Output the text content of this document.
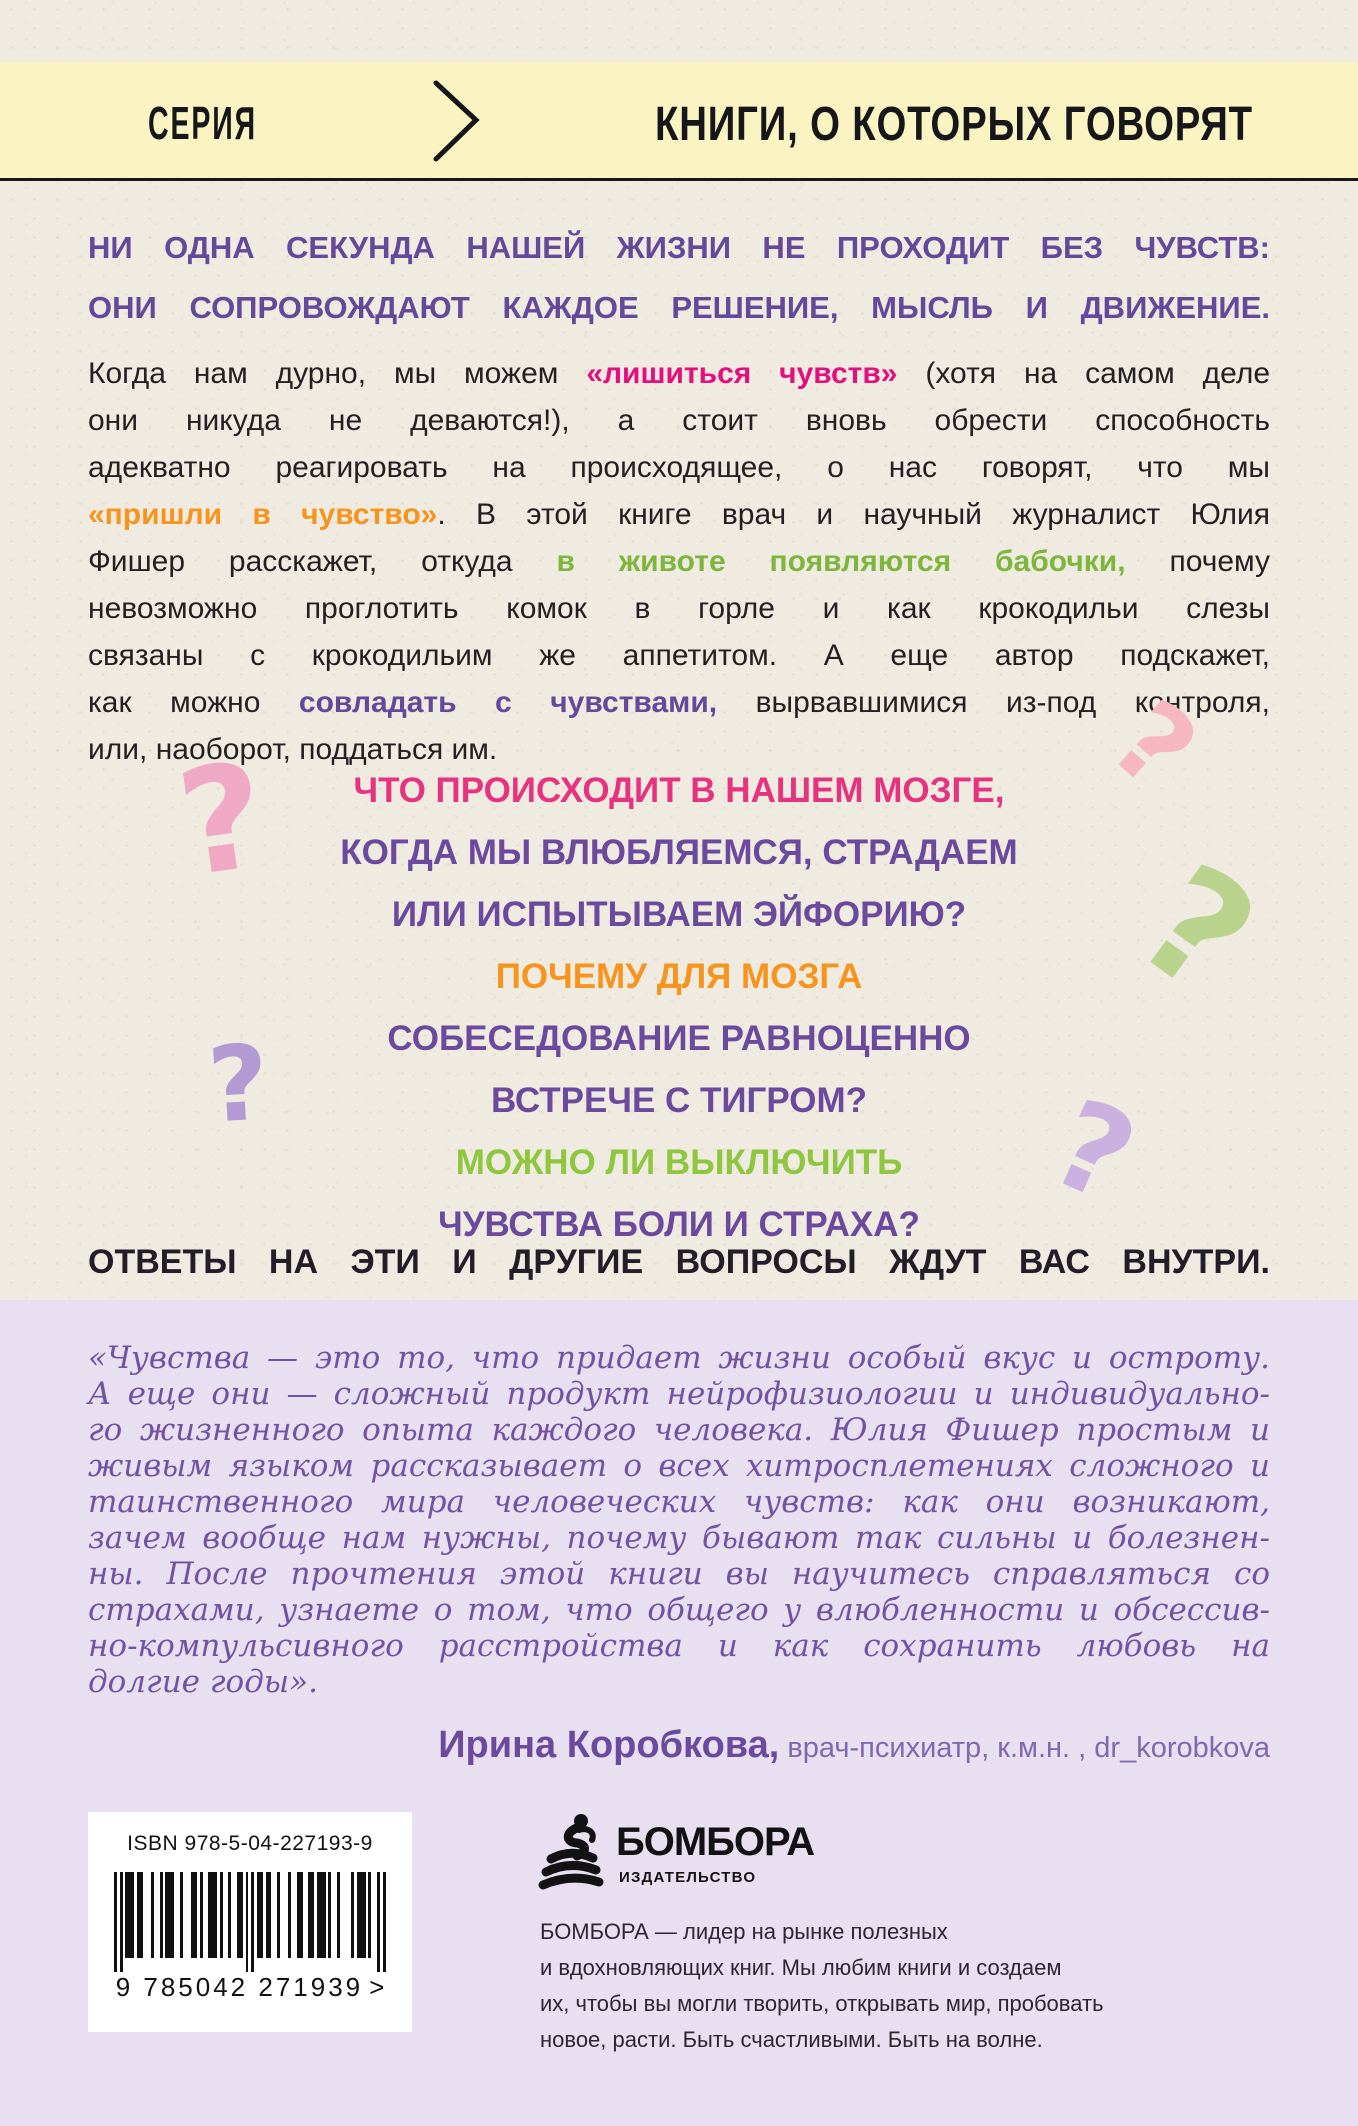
СЕРИЯ	КНИГИ, О КОТОРЫХ ГОВОРЯТ
НИ ОДНА СЕКУНДА НАШЕЙ ЖИЗНИ НЕ ПРОХОДИТ БЕЗ ЧУВСТВ:
ОНИ СОПРОВОЖДАЮТ КАЖДОЕ РЕШЕНИЕ, МЫСЛЬ И ДВИЖЕНИЕ.
Когда нам дурно, мы можем «лишиться чувств» (хотя на самом деле
они никуда не деваются!), а стоит вновь обрести способность
адекватно реагировать на происходящее, о нас говорят, что мы
«пришли в чувство». В этой книге врач и научный журналист Юлия
Фишер расскажет, откуда в животе появляются бабочки, почему
невозможно проглотить комок в горле и как крокодильи слезы
связаны с крокодильим же аппетитом. А еще автор подскажет,
как можно совладать с чувствами, вырвавшимися из-под контроля,
или, наоборот, поддаться им.
ЧТО ПРОИСХОДИТ В НАШЕМ МОЗГЕ,
КОГДА МЫ ВЛЮБЛЯЕМСЯ, СТРАДАЕМ
ИЛИ ИСПЫТЫВАЕМ ЭЙФОРИЮ?
ПОЧЕМУ ДЛЯ МОЗГА
СОБЕСЕДОВАНИЕ РАВНОЦЕННО
ВСТРЕЧЕ С ТИГРОМ?
МОЖНО ЛИ ВЫКЛЮЧИТЬ
ЧУВСТВА БОЛИ И СТРАХА?
ОТВЕТЫ НА ЭТИ И ДРУГИЕ ВОПРОСЫ ЖДУТ ВАС ВНУТРИ.
?	?
?
?	?
«Чувства — это то, что придает жизни особый вкус и остроту.
А еще они — сложный продукт нейрофизиологии и индивидуально-
го жизненного опыта каждого человека. Юлия Фишер простым и
живым языком рассказывает о всех хитросплетениях сложного и
таинственного мира человеческих чувств: как они возникают,
зачем вообще нам нужны, почему бывают так сильны и болезнен-
ны. После прочтения этой книги вы научитесь справляться со
страхами, узнаете о том, что общего у влюбленности и обсессив-
но-компульсивного расстройства и как сохранить любовь на
долгие годы».
Ирина Коробкова, врач-психиатр, к.м.н. , dr_korobkova
ISBN 978-5-04-227193-9
9 785042 271939 >
БОМБОРА
ИЗДАТЕЛЬСТВО
БОМБОРА — лидер на рынке полезных
и вдохновляющих книг. Мы любим книги и создаем
их, чтобы вы могли творить, открывать мир, пробовать
новое, расти. Быть счастливыми. Быть на волне.
